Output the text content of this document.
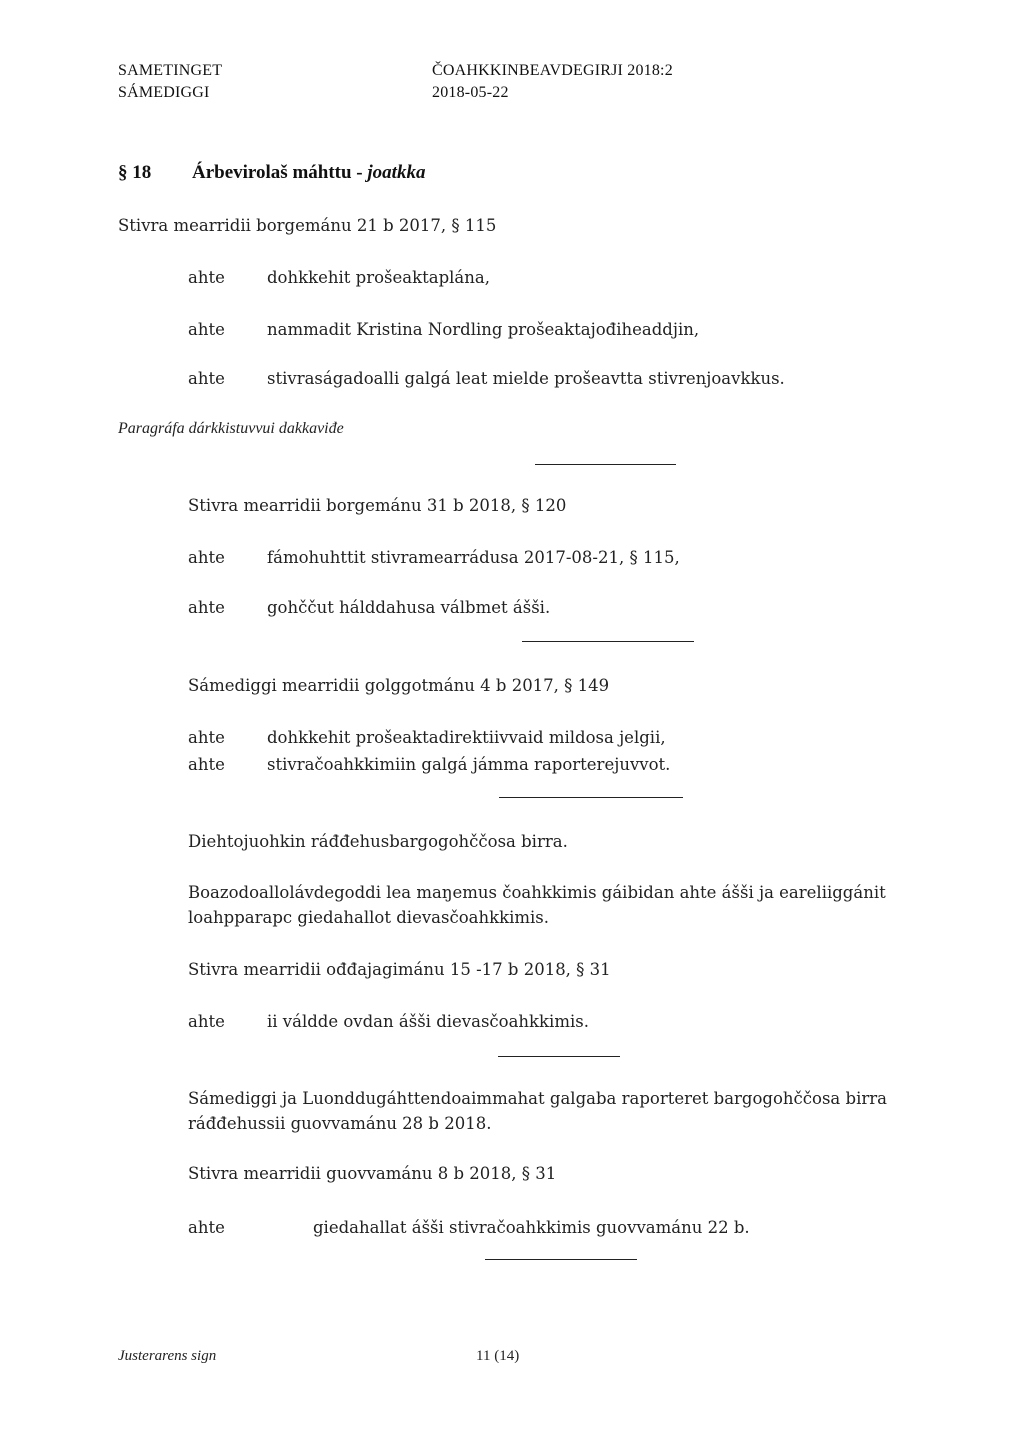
SAMETINGET
SÁMEDIGGI
ČOAHKKINBEAVDEGIRJI 2018:2
2018-05-22
§ 18 Árbevirolaš máhttu - joatkka
Stivra mearridii borgemánu 21 b 2017, § 115
ahte	dohkkehit prošeaktaplána,
ahte	nammadit Kristina Nordling prošeaktajođiheaddjin,
ahte	stivraságadoalli galgá leat mielde prošeavtta stivrenjoavkkus.
Paragráfa dárkkistuvvui dakkaviđe
Stivra mearridii borgemánu 31 b 2018, § 120
ahte	fámohuhttit stivramearrádusa 2017-08-21, § 115,
ahte	gohččut hálddahusa válbmet ášši.
Sámediggi mearridii golggotmánu 4 b 2017, § 149
ahte	dohkkehit prošeaktadirektiivvaid mildosa jelgii,
ahte	stivračoahkkimiin galgá jámma raporterejuvvot.
Diehtojuohkin ráđđehusbargogohččosa birra.
Boazodoallolávdegoddi lea maŋemus čoahkkimis gáibidan ahte ášši ja eareliiggánit loahpparapc giedahallot dievasčoahkkimis.
Stivra mearridii ođđajagimánu 15 -17 b 2018, § 31
ahte	ii váldde ovdan ášši dievasčoahkkimis.
Sámediggi ja Luonddugáhttendoaimmahat galgaba raporteret bargogohččosa birra ráđđehussii guovvamánu 28 b 2018.
Stivra mearridii guovvamánu 8 b 2018, § 31
ahte	giedahallat ášši stivračoahkkimis guovvamánu 22 b.
Justerarens sign	11 (14)
